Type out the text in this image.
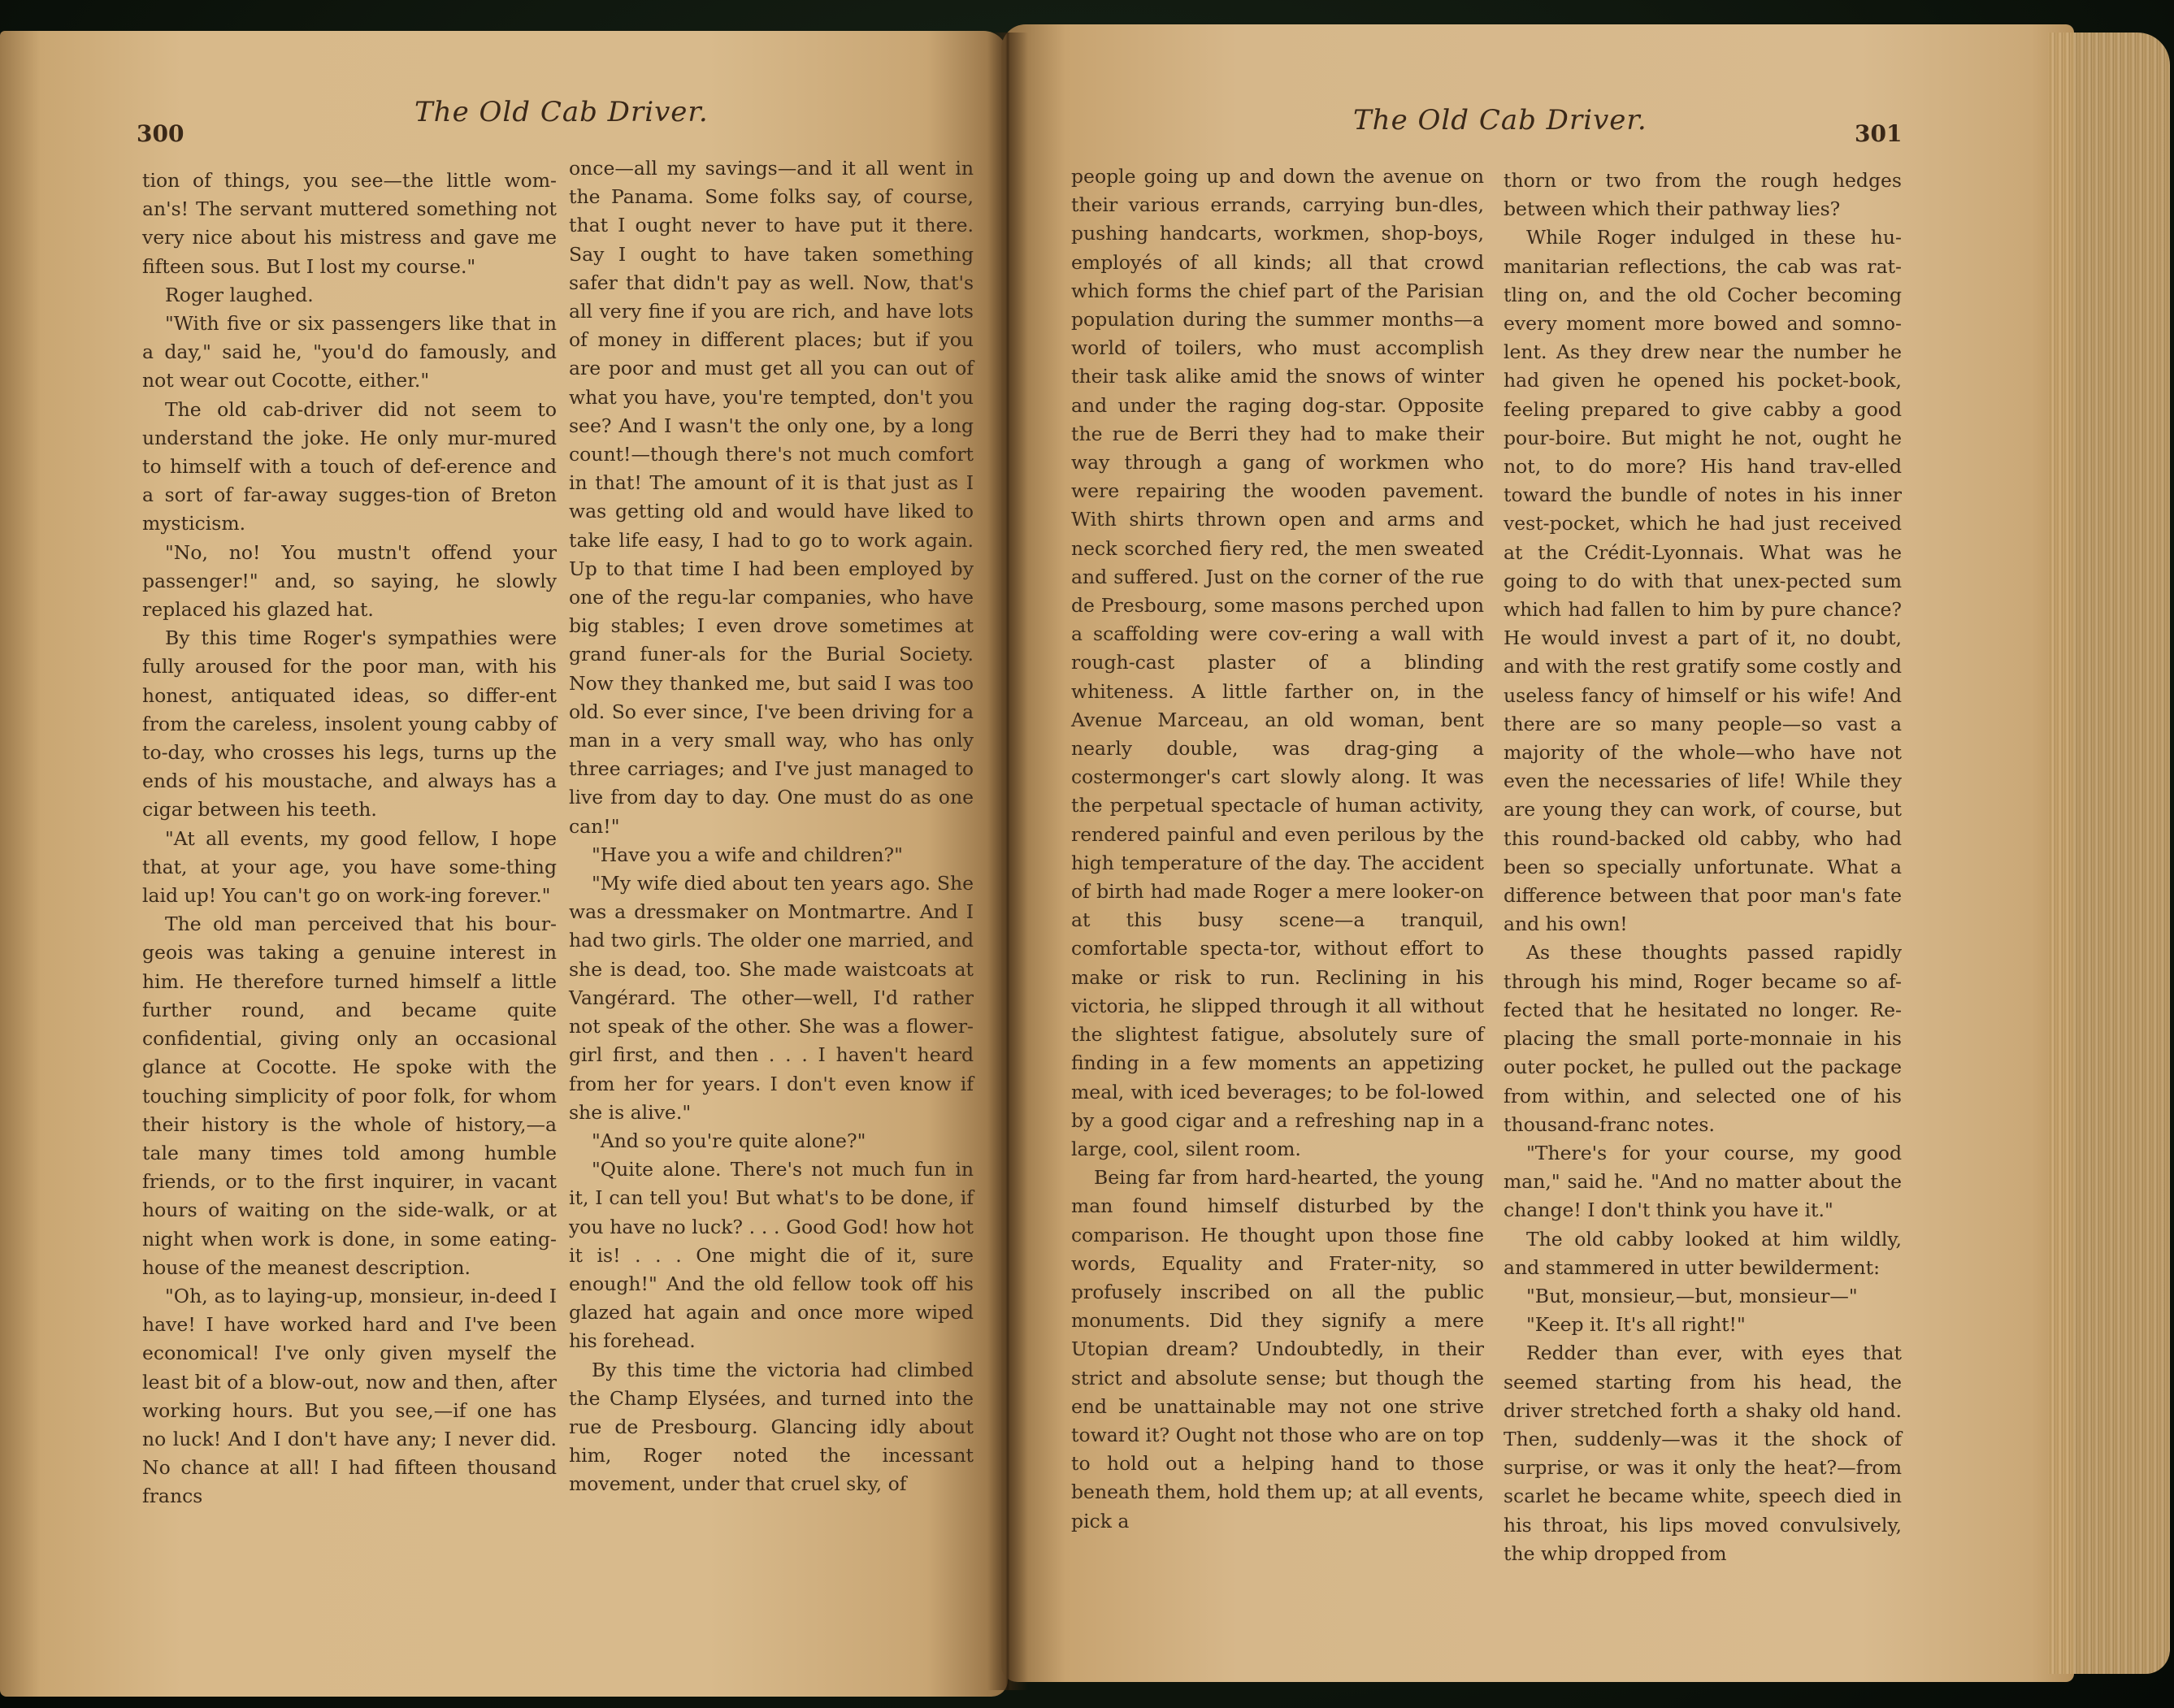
300
The Old Cab Driver.	The Old Cab Driver.	301

tion of things, you see—the little wom-an's! The servant muttered something not very nice about his mistress and gave me fifteen sous. But I lost my course."

Roger laughed.

"With five or six passengers like that in a day," said he, "you'd do famously, and not wear out Cocotte, either."

The old cab-driver did not seem to understand the joke. He only mur-mured to himself with a touch of def-erence and a sort of far-away sugges-tion of Breton mysticism.

"No, no! You mustn't offend your passenger!" and, so saying, he slowly replaced his glazed hat.

By this time Roger's sympathies were fully aroused for the poor man, with his honest, antiquated ideas, so differ-ent from the careless, insolent young cabby of to-day, who crosses his legs, turns up the ends of his moustache, and always has a cigar between his teeth.

"At all events, my good fellow, I hope that, at your age, you have some-thing laid up! You can't go on work-ing forever."

The old man perceived that his bour-geois was taking a genuine interest in him. He therefore turned himself a little further round, and became quite confidential, giving only an occasional glance at Cocotte. He spoke with the touching simplicity of poor folk, for whom their history is the whole of history,—a tale many times told among humble friends, or to the first inquirer, in vacant hours of waiting on the side-walk, or at night when work is done, in some eating-house of the meanest description.

"Oh, as to laying-up, monsieur, in-deed I have! I have worked hard and I've been economical! I've only given myself the least bit of a blow-out, now and then, after working hours. But you see,—if one has no luck! And I don't have any; I never did. No chance at all! I had fifteen thousand francs

once—all my savings—and it all went in the Panama. Some folks say, of course, that I ought never to have put it there. Say I ought to have taken something safer that didn't pay as well. Now, that's all very fine if you are rich, and have lots of money in different places; but if you are poor and must get all you can out of what you have, you're tempted, don't you see? And I wasn't the only one, by a long count!—though there's not much comfort in that! The amount of it is that just as I was getting old and would have liked to take life easy, I had to go to work again. Up to that time I had been employed by one of the regu-lar companies, who have big stables; I even drove sometimes at grand funer-als for the Burial Society. Now they thanked me, but said I was too old. So ever since, I've been driving for a man in a very small way, who has only three carriages; and I've just managed to live from day to day. One must do as one can!"

"Have you a wife and children?"

"My wife died about ten years ago. She was a dressmaker on Montmartre. And I had two girls. The older one married, and she is dead, too. She made waistcoats at Vangérard. The other—well, I'd rather not speak of the other. She was a flower-girl first, and then . . . I haven't heard from her for years. I don't even know if she is alive."

"And so you're quite alone?"

"Quite alone. There's not much fun in it, I can tell you! But what's to be done, if you have no luck? . . . Good God! how hot it is! . . . One might die of it, sure enough!" And the old fellow took off his glazed hat again and once more wiped his forehead.

By this time the victoria had climbed the Champ Elysées, and turned into the rue de Presbourg. Glancing idly about him, Roger noted the incessant movement, under that cruel sky, of

people going up and down the avenue on their various errands, carrying bun-dles, pushing handcarts, workmen, shop-boys, employés of all kinds; all that crowd which forms the chief part of the Parisian population during the summer months—a world of toilers, who must accomplish their task alike amid the snows of winter and under the raging dog-star. Opposite the rue de Berri they had to make their way through a gang of workmen who were repairing the wooden pavement. With shirts thrown open and arms and neck scorched fiery red, the men sweated and suffered. Just on the corner of the rue de Presbourg, some masons perched upon a scaffolding were cov-ering a wall with rough-cast plaster of a blinding whiteness. A little farther on, in the Avenue Marceau, an old woman, bent nearly double, was drag-ging a costermonger's cart slowly along. It was the perpetual spectacle of human activity, rendered painful and even perilous by the high temperature of the day. The accident of birth had made Roger a mere looker-on at this busy scene—a tranquil, comfortable specta-tor, without effort to make or risk to run. Reclining in his victoria, he slipped through it all without the slightest fatigue, absolutely sure of finding in a few moments an appetizing meal, with iced beverages; to be fol-lowed by a good cigar and a refreshing nap in a large, cool, silent room.

Being far from hard-hearted, the young man found himself disturbed by the comparison. He thought upon those fine words, Equality and Frater-nity, so profusely inscribed on all the public monuments. Did they signify a mere Utopian dream? Undoubtedly, in their strict and absolute sense; but though the end be unattainable may not one strive toward it? Ought not those who are on top to hold out a helping hand to those beneath them, hold them up; at all events, pick a

thorn or two from the rough hedges between which their pathway lies?

While Roger indulged in these hu-manitarian reflections, the cab was rat-tling on, and the old Cocher becoming every moment more bowed and somno-lent. As they drew near the number he had given he opened his pocket-book, feeling prepared to give cabby a good pour-boire. But might he not, ought he not, to do more? His hand trav-elled toward the bundle of notes in his inner vest-pocket, which he had just received at the Crédit-Lyonnais. What was he going to do with that unex-pected sum which had fallen to him by pure chance? He would invest a part of it, no doubt, and with the rest gratify some costly and useless fancy of himself or his wife! And there are so many people—so vast a majority of the whole—who have not even the necessaries of life! While they are young they can work, of course, but this round-backed old cabby, who had been so specially unfortunate. What a difference between that poor man's fate and his own!

As these thoughts passed rapidly through his mind, Roger became so af-fected that he hesitated no longer. Re-placing the small porte-monnaie in his outer pocket, he pulled out the package from within, and selected one of his thousand-franc notes.

"There's for your course, my good man," said he. "And no matter about the change! I don't think you have it."

The old cabby looked at him wildly, and stammered in utter bewilderment:

"But, monsieur,—but, monsieur—"

"Keep it. It's all right!"

Redder than ever, with eyes that seemed starting from his head, the driver stretched forth a shaky old hand. Then, suddenly—was it the shock of surprise, or was it only the heat?—from scarlet he became white, speech died in his throat, his lips moved convulsively, the whip dropped from
